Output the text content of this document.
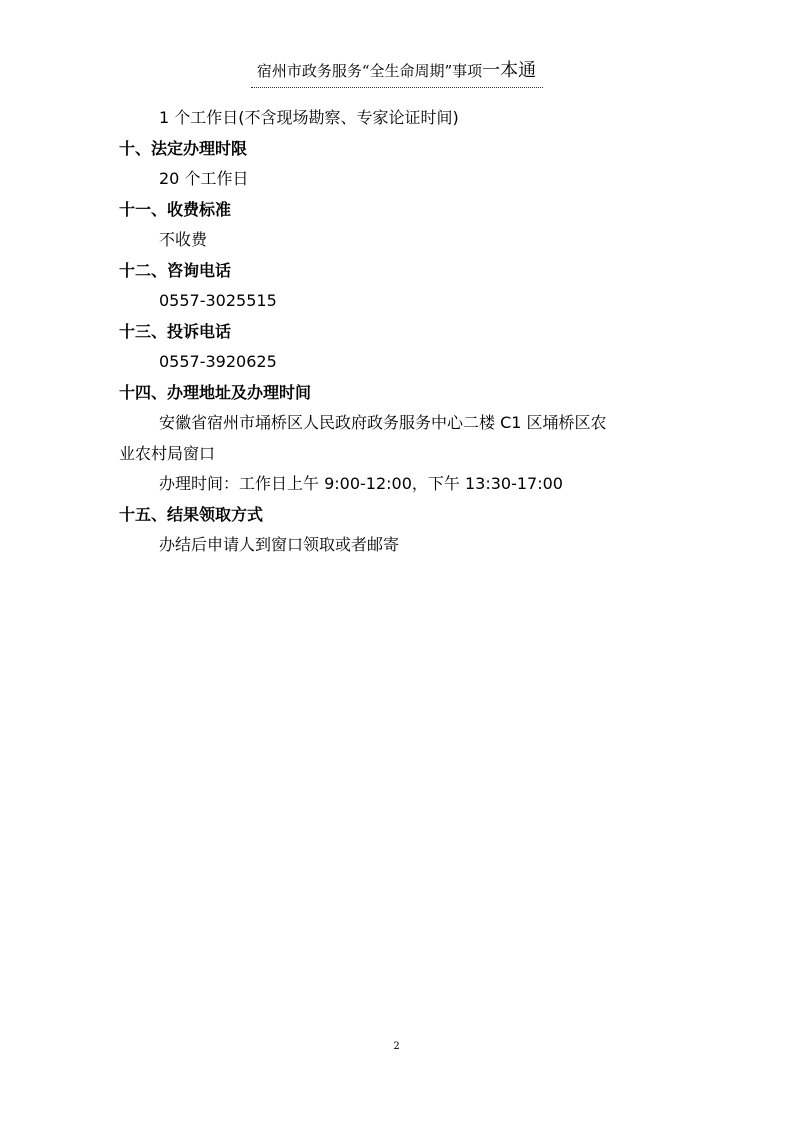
宿州市政务服务“全生命周期”事项一本通
1 个工作日(不含现场勘察、专家论证时间)
十、法定办理时限
20 个工作日
十一、收费标准
不收费
十二、咨询电话
0557-3025515
十三、投诉电话
0557-3920625
十四、办理地址及办理时间
安徽省宿州市埇桥区人民政府政务服务中心二楼 C1 区埇桥区农
业农村局窗口
办理时间：工作日上午 9:00-12:00，下午 13:30-17:00
十五、结果领取方式
办结后申请人到窗口领取或者邮寄
2
